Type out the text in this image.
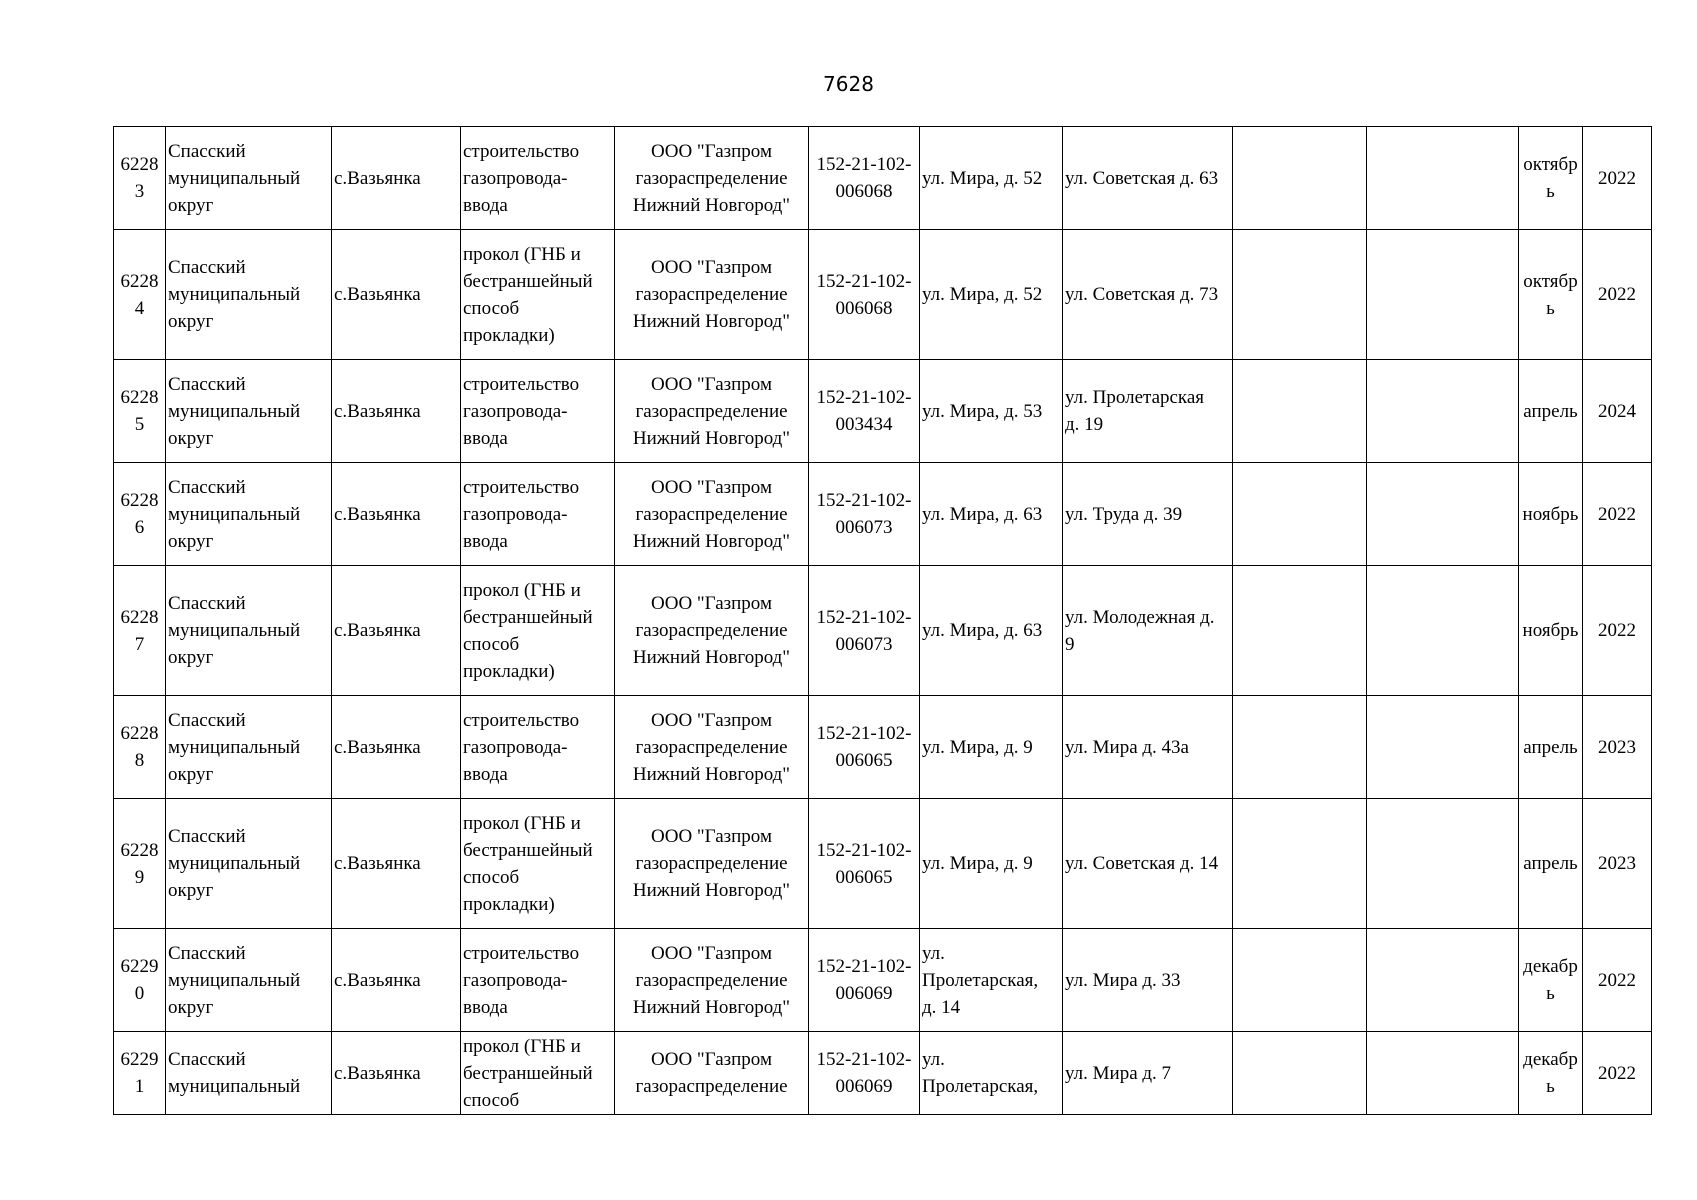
7628
6228
3	Спасский
муниципальный
округ	с.Вазьянка	строительство
газопровода-
ввода	ООО "Газпром
газораспределение
Нижний Новгород"	152-21-102-
006068	ул. Мира, д. 52	ул. Советская д. 63			октябр
ь	2022

6228
4	Спасский
муниципальный
округ	с.Вазьянка	прокол (ГНБ и
бестраншейный
способ
прокладки)	ООО "Газпром
газораспределение
Нижний Новгород"	152-21-102-
006068	ул. Мира, д. 52	ул. Советская д. 73			октябр
ь	2022

6228
5	Спасский
муниципальный
округ	с.Вазьянка	строительство
газопровода-
ввода	ООО "Газпром
газораспределение
Нижний Новгород"	152-21-102-
003434	ул. Мира, д. 53	ул. Пролетарская
д. 19			апрель	2024

6228
6	Спасский
муниципальный
округ	с.Вазьянка	строительство
газопровода-
ввода	ООО "Газпром
газораспределение
Нижний Новгород"	152-21-102-
006073	ул. Мира, д. 63	ул. Труда д. 39			ноябрь	2022

6228
7	Спасский
муниципальный
округ	с.Вазьянка	прокол (ГНБ и
бестраншейный
способ
прокладки)	ООО "Газпром
газораспределение
Нижний Новгород"	152-21-102-
006073	ул. Мира, д. 63	ул. Молодежная д.
9			ноябрь	2022

6228
8	Спасский
муниципальный
округ	с.Вазьянка	строительство
газопровода-
ввода	ООО "Газпром
газораспределение
Нижний Новгород"	152-21-102-
006065	ул. Мира, д. 9	ул. Мира д. 43а			апрель	2023

6228
9	Спасский
муниципальный
округ	с.Вазьянка	прокол (ГНБ и
бестраншейный
способ
прокладки)	ООО "Газпром
газораспределение
Нижний Новгород"	152-21-102-
006065	ул. Мира, д. 9	ул. Советская д. 14			апрель	2023

6229
0	Спасский
муниципальный
округ	с.Вазьянка	строительство
газопровода-
ввода	ООО "Газпром
газораспределение
Нижний Новгород"	152-21-102-
006069	ул.
Пролетарская,
д. 14	ул. Мира д. 33			декабр
ь	2022

6229
1	Спасский
муниципальный	с.Вазьянка	прокол (ГНБ и
бестраншейный
способ	ООО "Газпром
газораспределение	152-21-102-
006069	ул.
Пролетарская,	ул. Мира д. 7			декабр
ь	2022
